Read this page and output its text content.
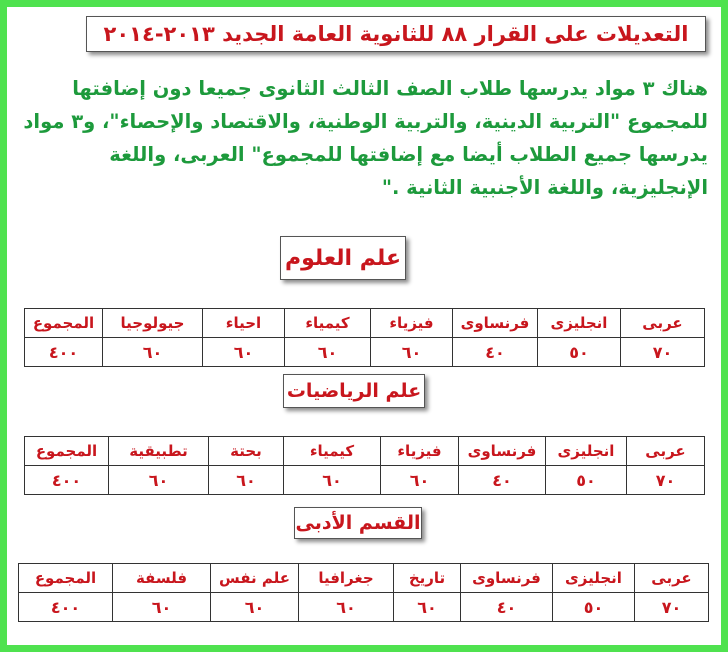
التعديلات على القرار ٨٨ للثانوية العامة الجديد ٢٠١٣-٢٠١٤

هناك ٣ مواد يدرسها طلاب الصف الثالث الثانوى جميعا دون إضافتها للمجموع "التربية الدينية، والتربية الوطنية، والاقتصاد والإحصاء"، و٣ مواد يدرسها جميع الطلاب أيضا مع إضافتها للمجموع" العربى، واللغة الإنجليزية، واللغة الأجنبية الثانية ."

علم العلوم
عربى	انجليزى	فرنساوى	فيزياء	كيمياء	احياء	جيولوجيا	المجموع
٧٠	٥٠	٤٠	٦٠	٦٠	٦٠	٦٠	٤٠٠
علم الرياضيات
عربى	انجليزى	فرنساوى	فيزياء	كيمياء	بحتة	تطبيقية	المجموع
٧٠	٥٠	٤٠	٦٠	٦٠	٦٠	٦٠	٤٠٠
القسم الأدبى
عربى	انجليزى	فرنساوى	تاريخ	جغرافيا	علم نفس	فلسفة	المجموع
٧٠	٥٠	٤٠	٦٠	٦٠	٦٠	٦٠	٤٠٠
